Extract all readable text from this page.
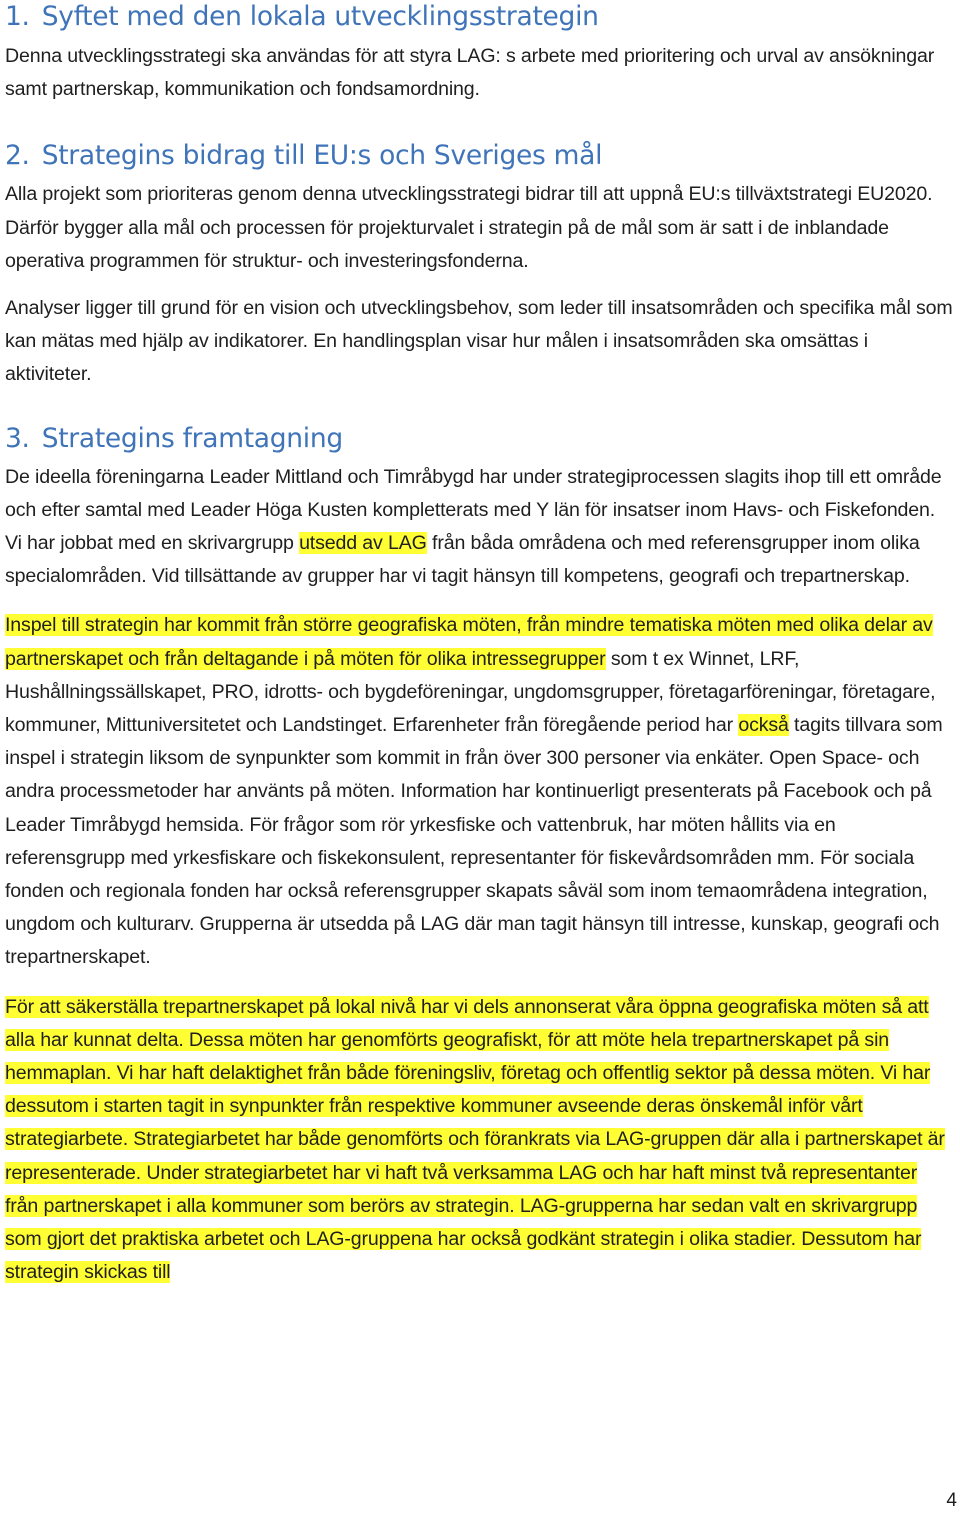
1. Syftet med den lokala utvecklingsstrategin

Denna utvecklingsstrategi ska användas för att styra LAG: s arbete med prioritering och urval av ansökningar samt partnerskap, kommunikation och fondsamordning.

2. Strategins bidrag till EU:s och Sveriges mål

Alla projekt som prioriteras genom denna utvecklingsstrategi bidrar till att uppnå EU:s tillväxtstrategi EU2020. Därför bygger alla mål och processen för projekturvalet i strategin på de mål som är satt i de inblandade operativa programmen för struktur- och investeringsfonderna.

Analyser ligger till grund för en vision och utvecklingsbehov, som leder till insatsområden och specifika mål som kan mätas med hjälp av indikatorer. En handlingsplan visar hur målen i insatsområden ska omsättas i aktiviteter.

3. Strategins framtagning

De ideella föreningarna Leader Mittland och Timråbygd har under strategiprocessen slagits ihop till ett område och efter samtal med Leader Höga Kusten kompletterats med Y län för insatser inom Havs- och Fiskefonden. Vi har jobbat med en skrivargrupp utsedd av LAG från båda områdena och med referensgrupper inom olika specialområden. Vid tillsättande av grupper har vi tagit hänsyn till kompetens, geografi och trepartnerskap.

Inspel till strategin har kommit från större geografiska möten, från mindre tematiska möten med olika delar av partnerskapet och från deltagande i på möten för olika intressegrupper som t ex Winnet, LRF, Hushållningssällskapet, PRO, idrotts- och bygdeföreningar, ungdomsgrupper, företagarföreningar, företagare, kommuner, Mittuniversitetet och Landstinget. Erfarenheter från föregående period har också tagits tillvara som inspel i strategin liksom de synpunkter som kommit in från över 300 personer via enkäter. Open Space- och andra processmetoder har använts på möten. Information har kontinuerligt presenterats på Facebook och på Leader Timråbygd hemsida. För frågor som rör yrkesfiske och vattenbruk, har möten hållits via en referensgrupp med yrkesfiskare och fiskekonsulent, representanter för fiskevårdsområden mm. För sociala fonden och regionala fonden har också referensgrupper skapats såväl som inom temaområdena integration, ungdom och kulturarv. Grupperna är utsedda på LAG där man tagit hänsyn till intresse, kunskap, geografi och trepartnerskapet.

För att säkerställa trepartnerskapet på lokal nivå har vi dels annonserat våra öppna geografiska möten så att alla har kunnat delta. Dessa möten har genomförts geografiskt, för att möte hela trepartnerskapet på sin hemmaplan. Vi har haft delaktighet från både föreningsliv, företag och offentlig sektor på dessa möten. Vi har dessutom i starten tagit in synpunkter från respektive kommuner avseende deras önskemål inför vårt strategiarbete. Strategiarbetet har både genomförts och förankrats via LAG-gruppen där alla i partnerskapet är representerade. Under strategiarbetet har vi haft två verksamma LAG och har haft minst två representanter från partnerskapet i alla kommuner som berörs av strategin. LAG-grupperna har sedan valt en skrivargrupp som gjort det praktiska arbetet och LAG-gruppena har också godkänt strategin i olika stadier. Dessutom har strategin skickas till

4
